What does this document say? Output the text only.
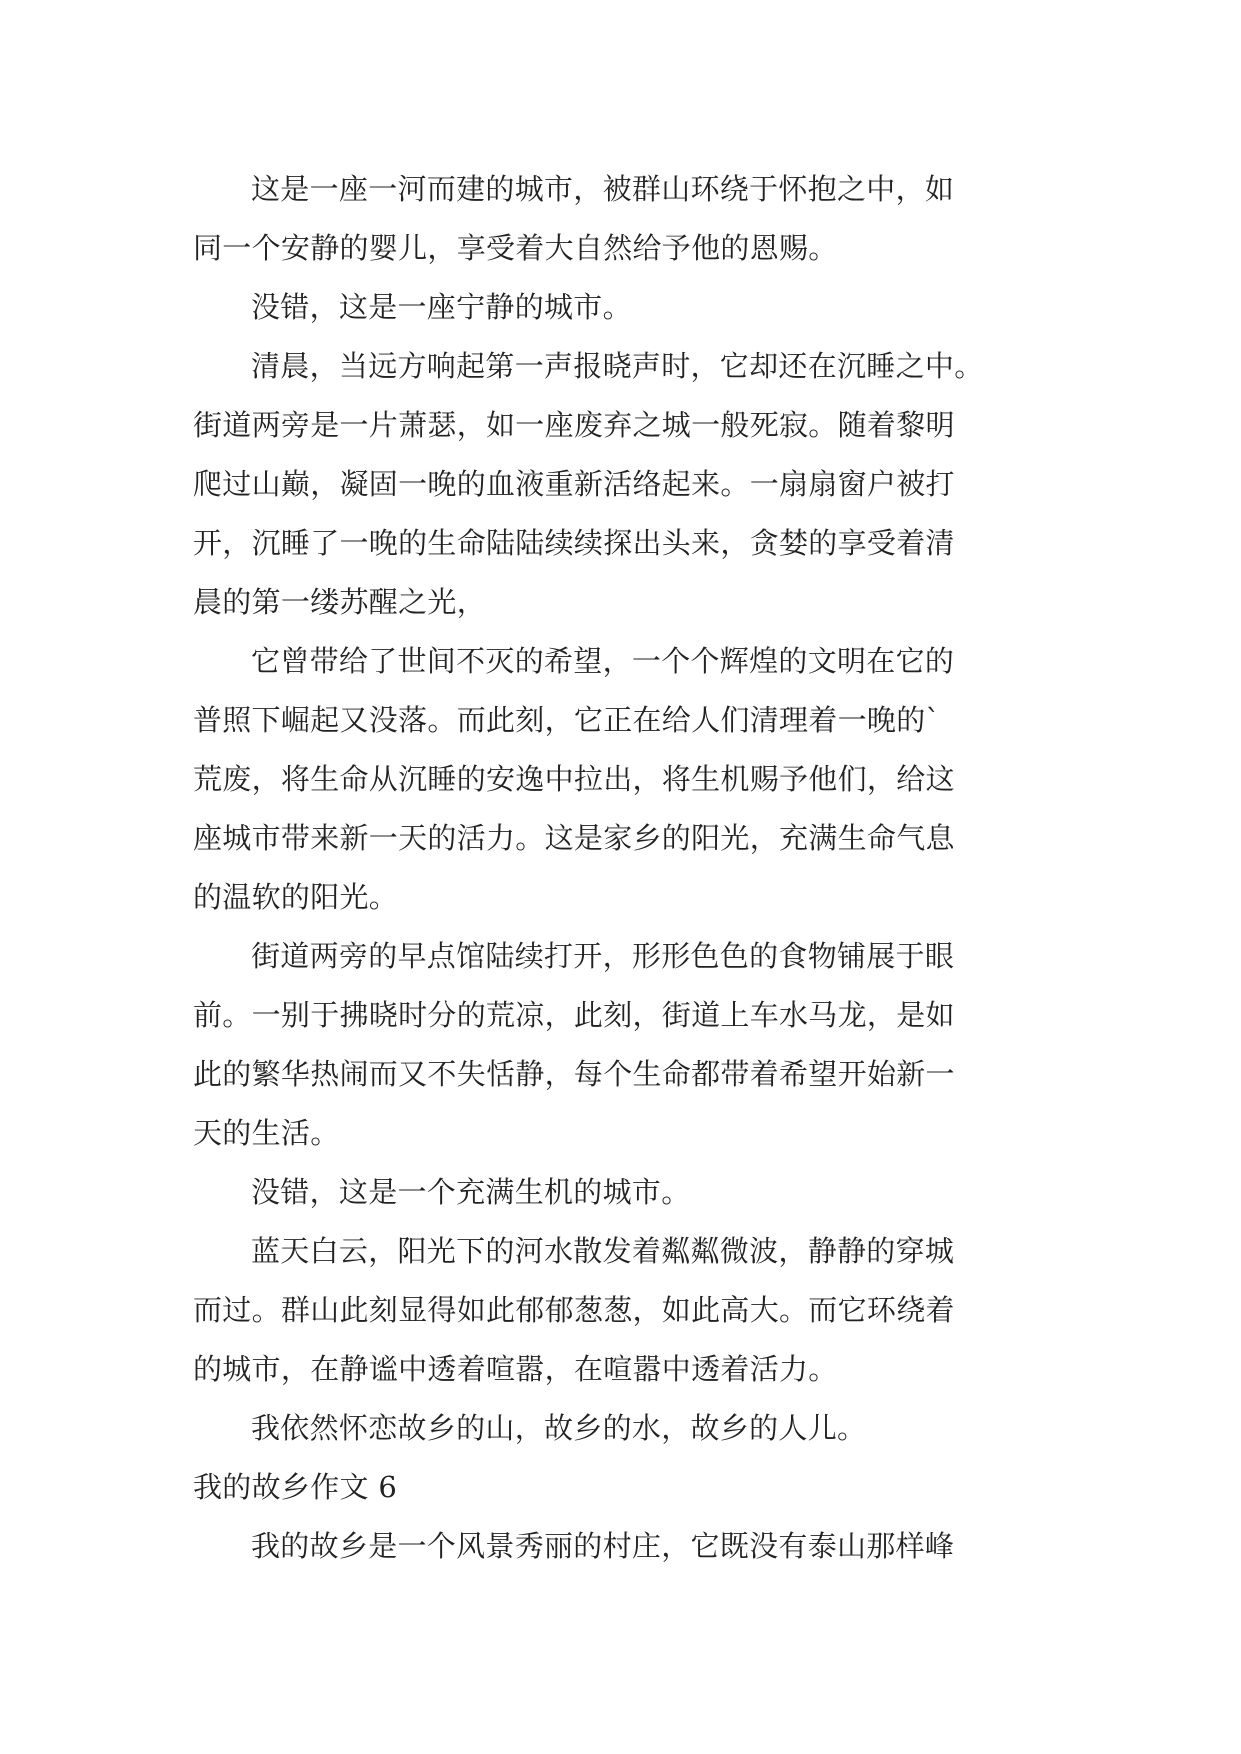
这是一座一河而建的城市，被群山环绕于怀抱之中，如
同一个安静的婴儿，享受着大自然给予他的恩赐。

没错，这是一座宁静的城市。

清晨，当远方响起第一声报晓声时，它却还在沉睡之中。
街道两旁是一片萧瑟，如一座废弃之城一般死寂。随着黎明
爬过山巅，凝固一晚的血液重新活络起来。一扇扇窗户被打
开，沉睡了一晚的生命陆陆续续探出头来，贪婪的享受着清
晨的第一缕苏醒之光，

它曾带给了世间不灭的希望，一个个辉煌的文明在它的
普照下崛起又没落。而此刻，它正在给人们清理着一晚的`
荒废，将生命从沉睡的安逸中拉出，将生机赐予他们，给这
座城市带来新一天的活力。这是家乡的阳光，充满生命气息
的温软的阳光。

街道两旁的早点馆陆续打开，形形色色的食物铺展于眼
前。一别于拂晓时分的荒凉，此刻，街道上车水马龙，是如
此的繁华热闹而又不失恬静，每个生命都带着希望开始新一
天的生活。

没错，这是一个充满生机的城市。

蓝天白云，阳光下的河水散发着粼粼微波，静静的穿城
而过。群山此刻显得如此郁郁葱葱，如此高大。而它环绕着
的城市，在静谧中透着喧嚣，在喧嚣中透着活力。

我依然怀恋故乡的山，故乡的水，故乡的人儿。

我的故乡作文 6

我的故乡是一个风景秀丽的村庄，它既没有泰山那样峰
